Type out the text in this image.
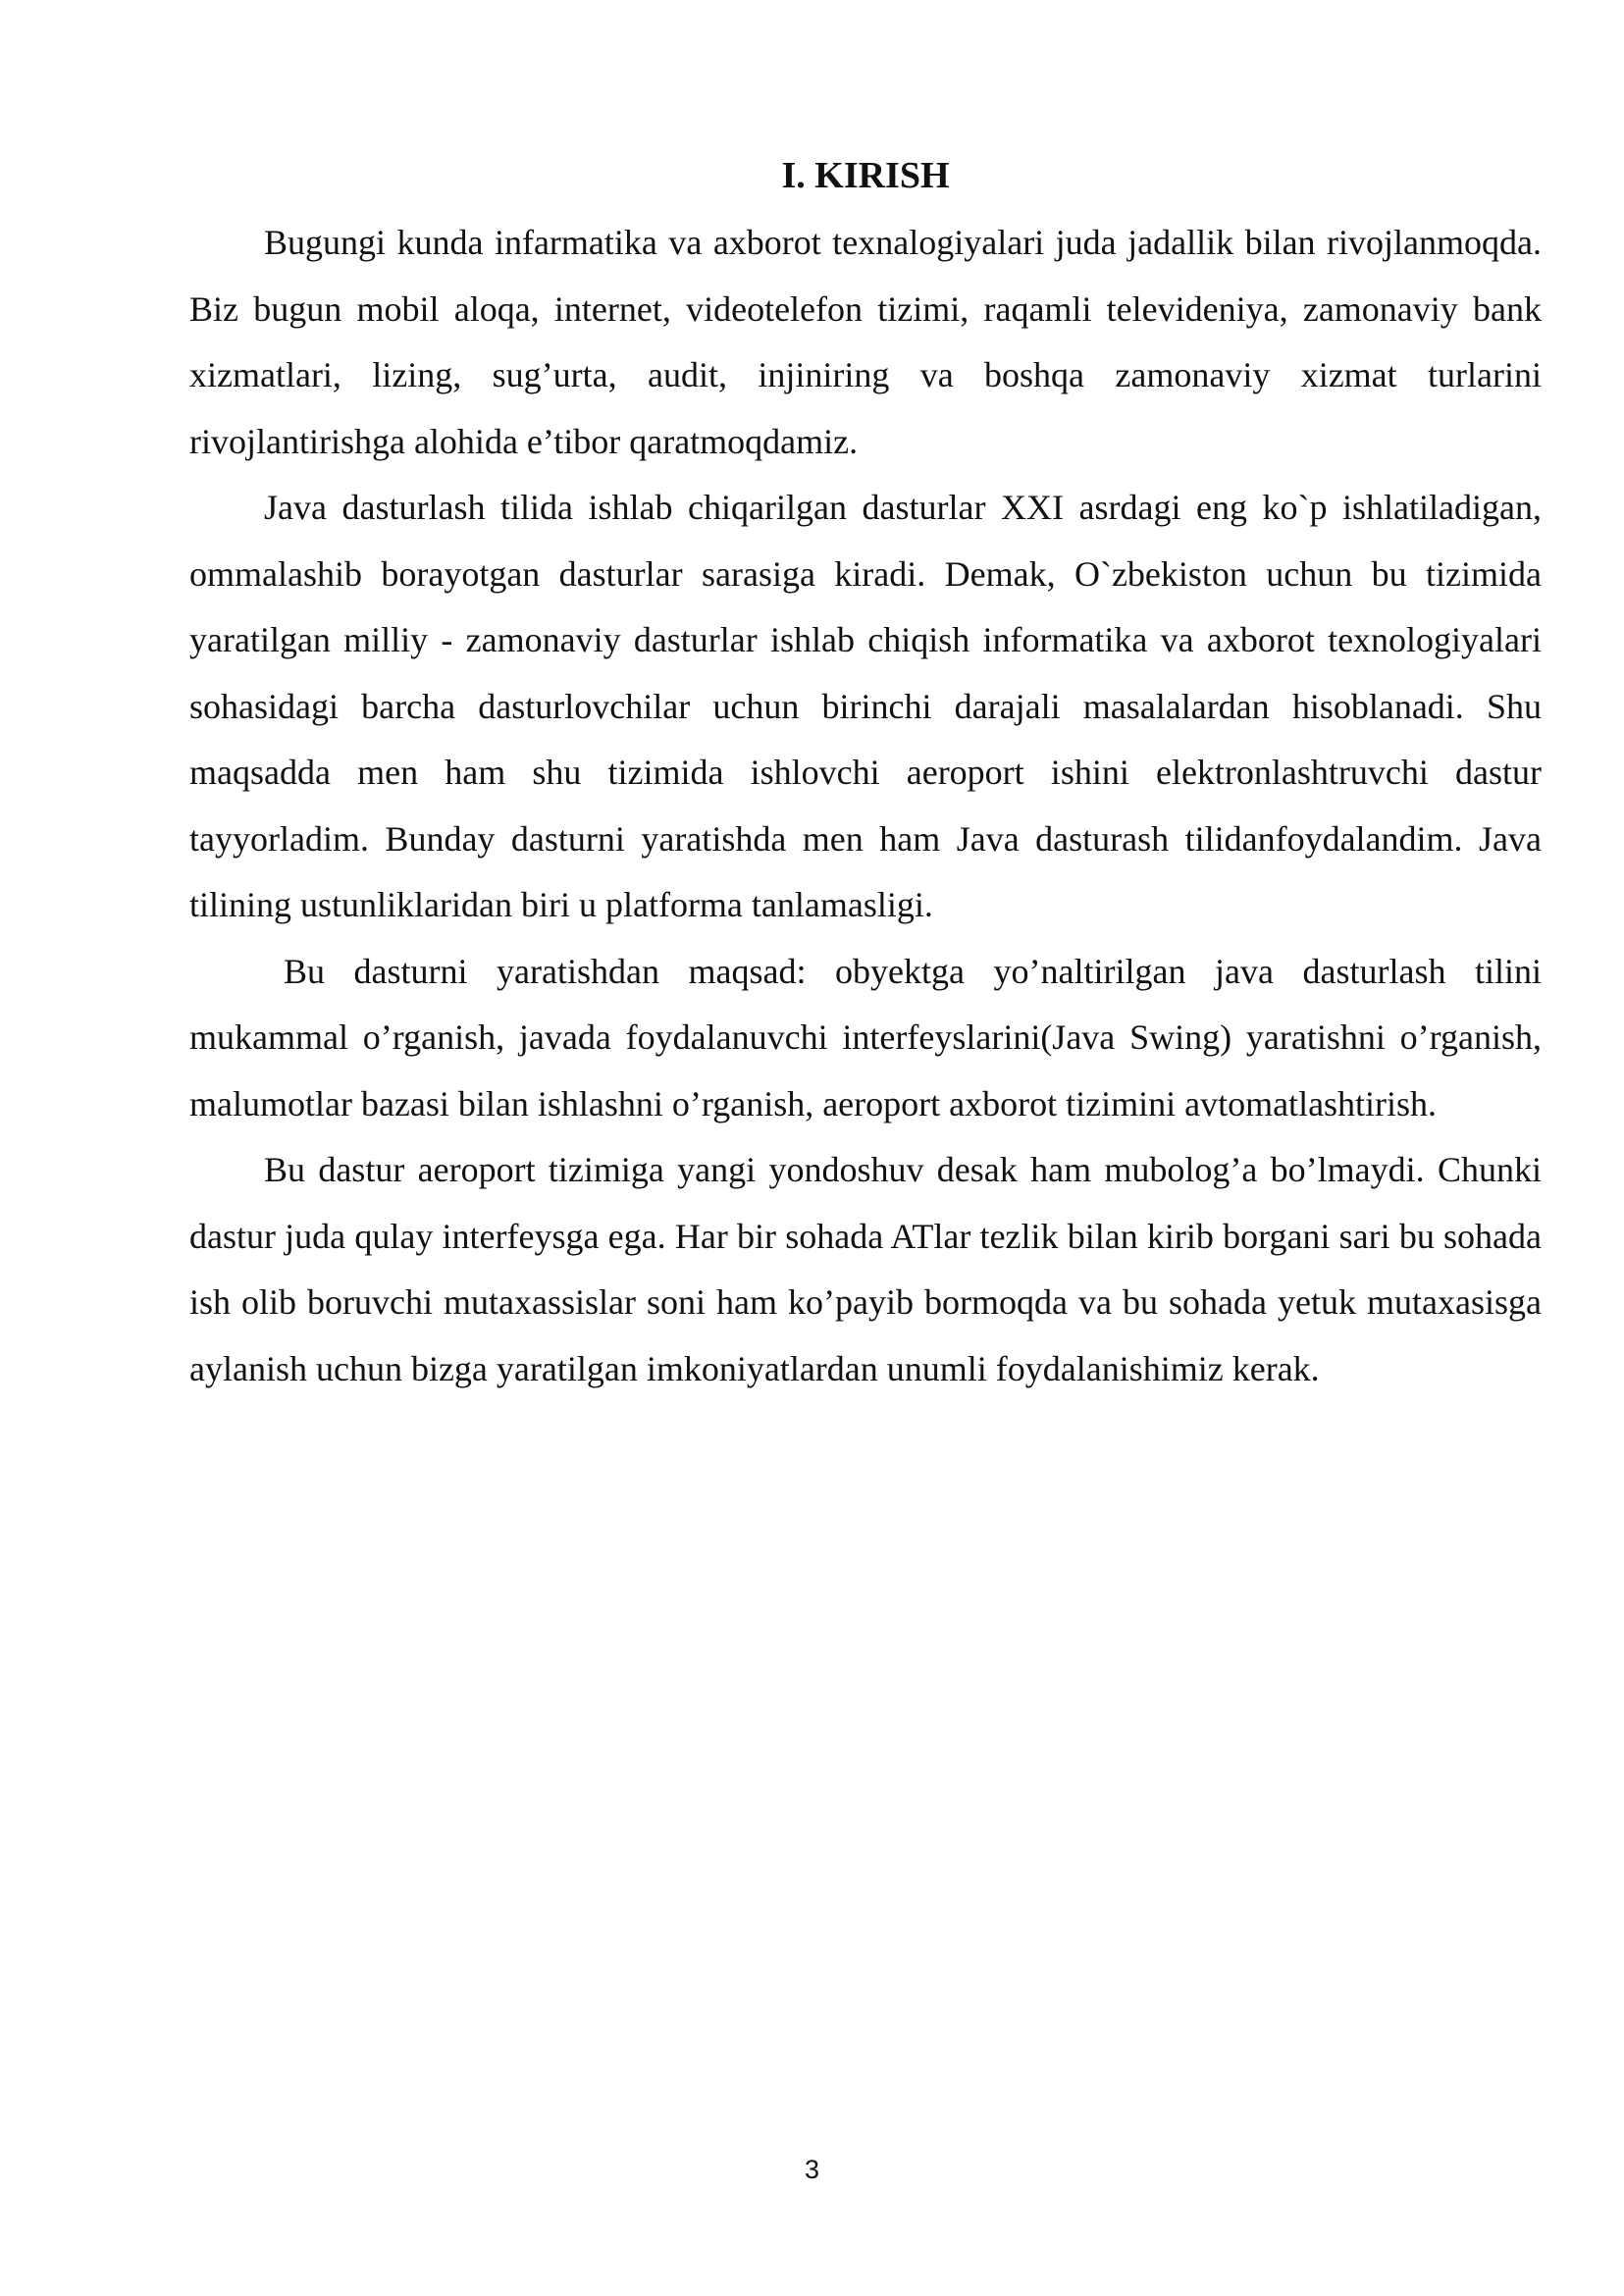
I. KIRISH

Bugungi kunda infarmatika va axborot texnalogiyalari juda jadallik bilan rivojlanmoqda. Biz bugun mobil aloqa, internet, videotelefon tizimi, raqamli televideniya, zamonaviy bank xizmatlari, lizing, sug’urta, audit, injiniring va boshqa zamonaviy xizmat turlarini rivojlantirishga alohida e’tibor qaratmoqdamiz.

Java dasturlash tilida ishlab chiqarilgan dasturlar XXI asrdagi eng ko`p ishlatiladigan, ommalashib borayotgan dasturlar sarasiga kiradi. Demak, O`zbekiston uchun bu tizimida yaratilgan milliy - zamonaviy dasturlar ishlab chiqish informatika va axborot texnologiyalari sohasidagi barcha dasturlovchilar uchun birinchi darajali masalalardan hisoblanadi. Shu maqsadda men ham shu tizimida ishlovchi aeroport ishini elektronlashtruvchi dastur tayyorladim. Bunday dasturni yaratishda men ham Java dasturash tilidanfoydalandim. Java tilining ustunliklaridan biri u platforma tanlamasligi.

Bu dasturni yaratishdan maqsad: obyektga yo’naltirilgan java dasturlash tilini mukammal o’rganish, javada foydalanuvchi interfeyslarini(Java Swing) yaratishni o’rganish, malumotlar bazasi bilan ishlashni o’rganish, aeroport axborot tizimini avtomatlashtirish.

Bu dastur aeroport tizimiga yangi yondoshuv desak ham mubolog’a bo’lmaydi. Chunki dastur juda qulay interfeysga ega. Har bir sohada ATlar tezlik bilan kirib borgani sari bu sohada ish olib boruvchi mutaxassislar soni ham ko’payib bormoqda va bu sohada yetuk mutaxasisga aylanish uchun bizga yaratilgan imkoniyatlardan unumli foydalanishimiz kerak.

3
